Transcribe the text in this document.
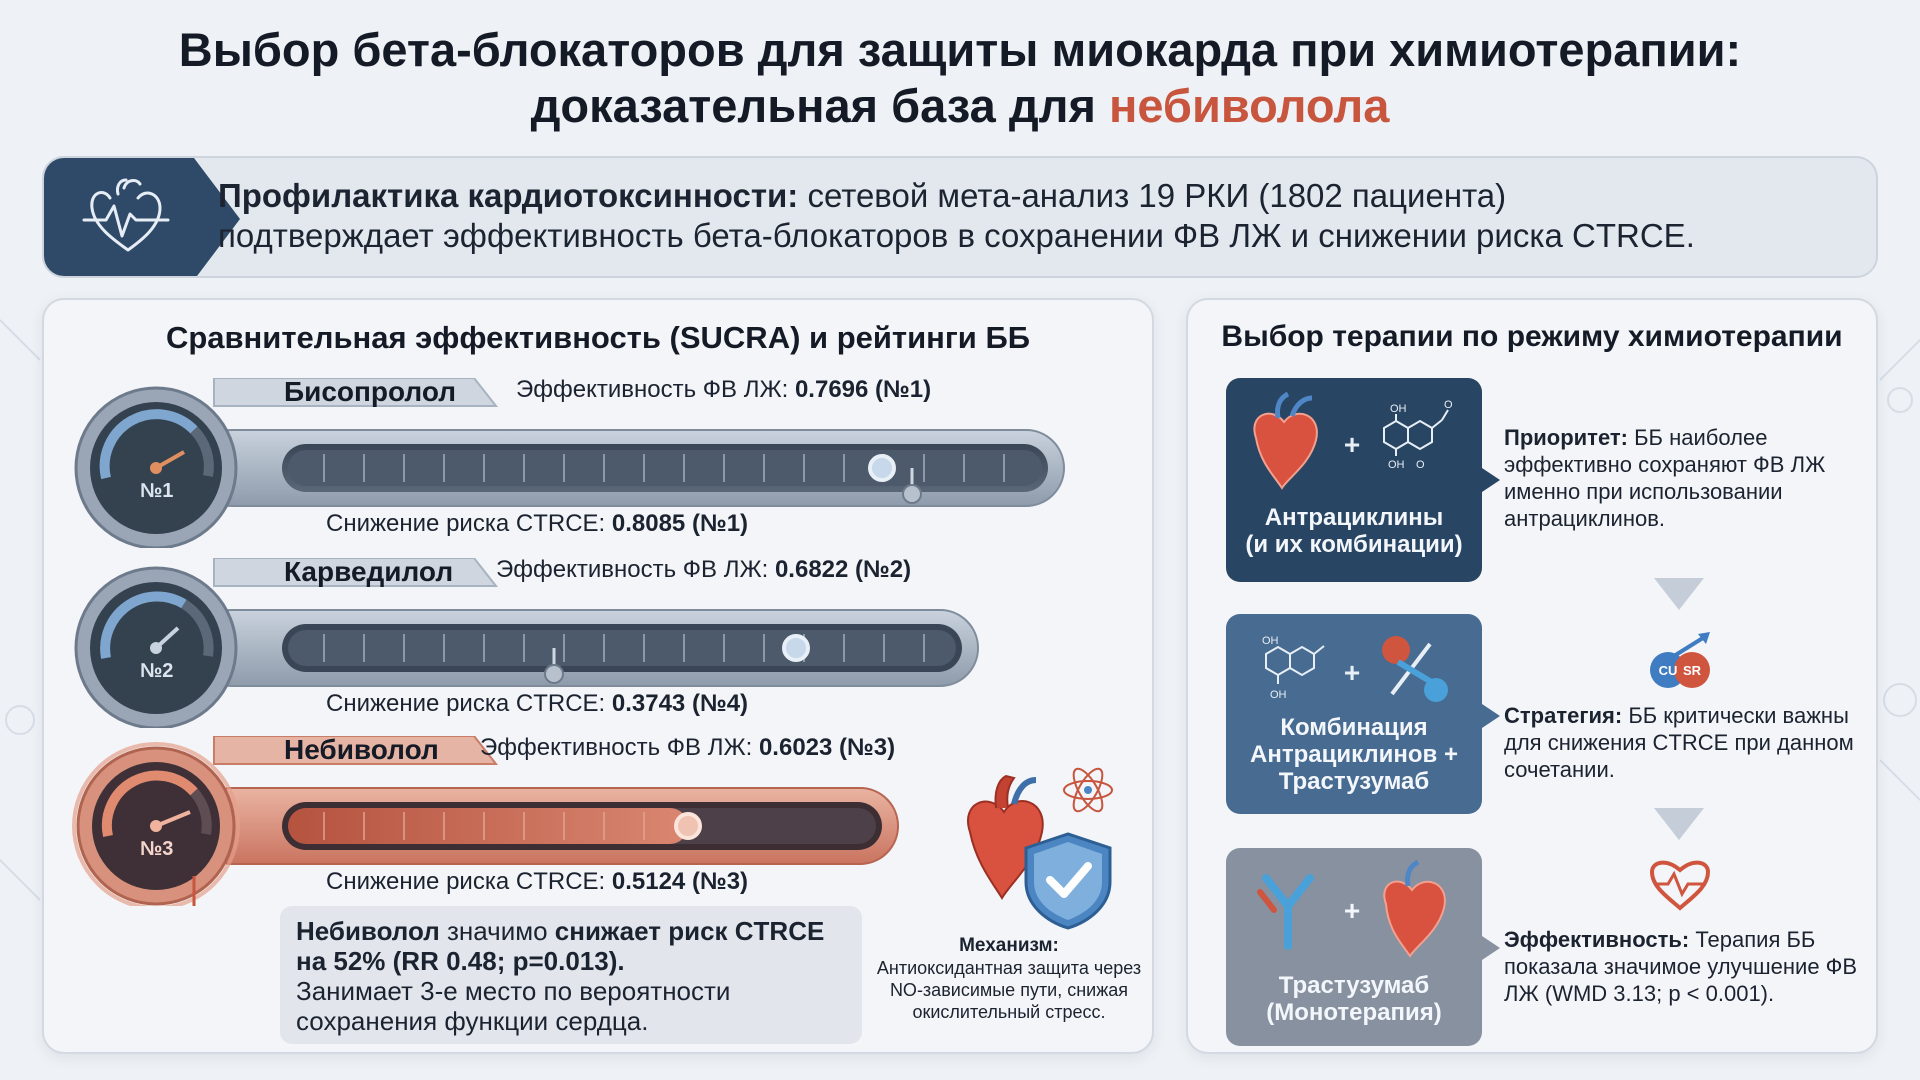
Выбор бета-блокаторов для защиты миокарда при химиотерапии:
доказательная база для небиволола
Профилактика кардиотоксинности: сетевой мета-анализ 19 РКИ (1802 пациента)
подтверждает эффективность бета-блокаторов в сохранении ФВ ЛЖ и снижении риска CTRCE.
Сравнительная эффективность (SUCRA) и рейтинги ББ
Бисопролол
№1
Эффективность ФВ ЛЖ: 0.7696 (№1)
Снижение риска CTRCE: 0.8085 (№1)
Карведилол
№2
Эффективность ФВ ЛЖ: 0.6822 (№2)
Снижение риска CTRCE: 0.3743 (№4)
Небиволол
№3
Эффективность ФВ ЛЖ: 0.6023 (№3)
Снижение риска CTRCE: 0.5124 (№3)
Небиволол значимо снижает риск CTRCE на 52% (RR 0.48; p=0.013).
Занимает 3-е место по вероятности сохранения функции сердца.
Механизм:
Антиоксидантная защита через NO-зависимые пути, снижая окислительный стресс.
Выбор терапии по режиму химиотерапии
+
OH	O
OH O
Антрациклины
(и их комбинации)
Приоритет: ББ наиболее эффективно сохраняют ФВ ЛЖ именно при использовании антрациклинов.
CU SR
OH
OH
+
Комбинация
Антрациклинов +
Трастузумаб
Стратегия: ББ критически важны для снижения CTRCE при данном сочетании.
+
Трастузумаб
(Монотерапия)
Эффективность: Терапия ББ показала значимое улучшение ФВ ЛЖ (WMD 3.13; p < 0.001).
